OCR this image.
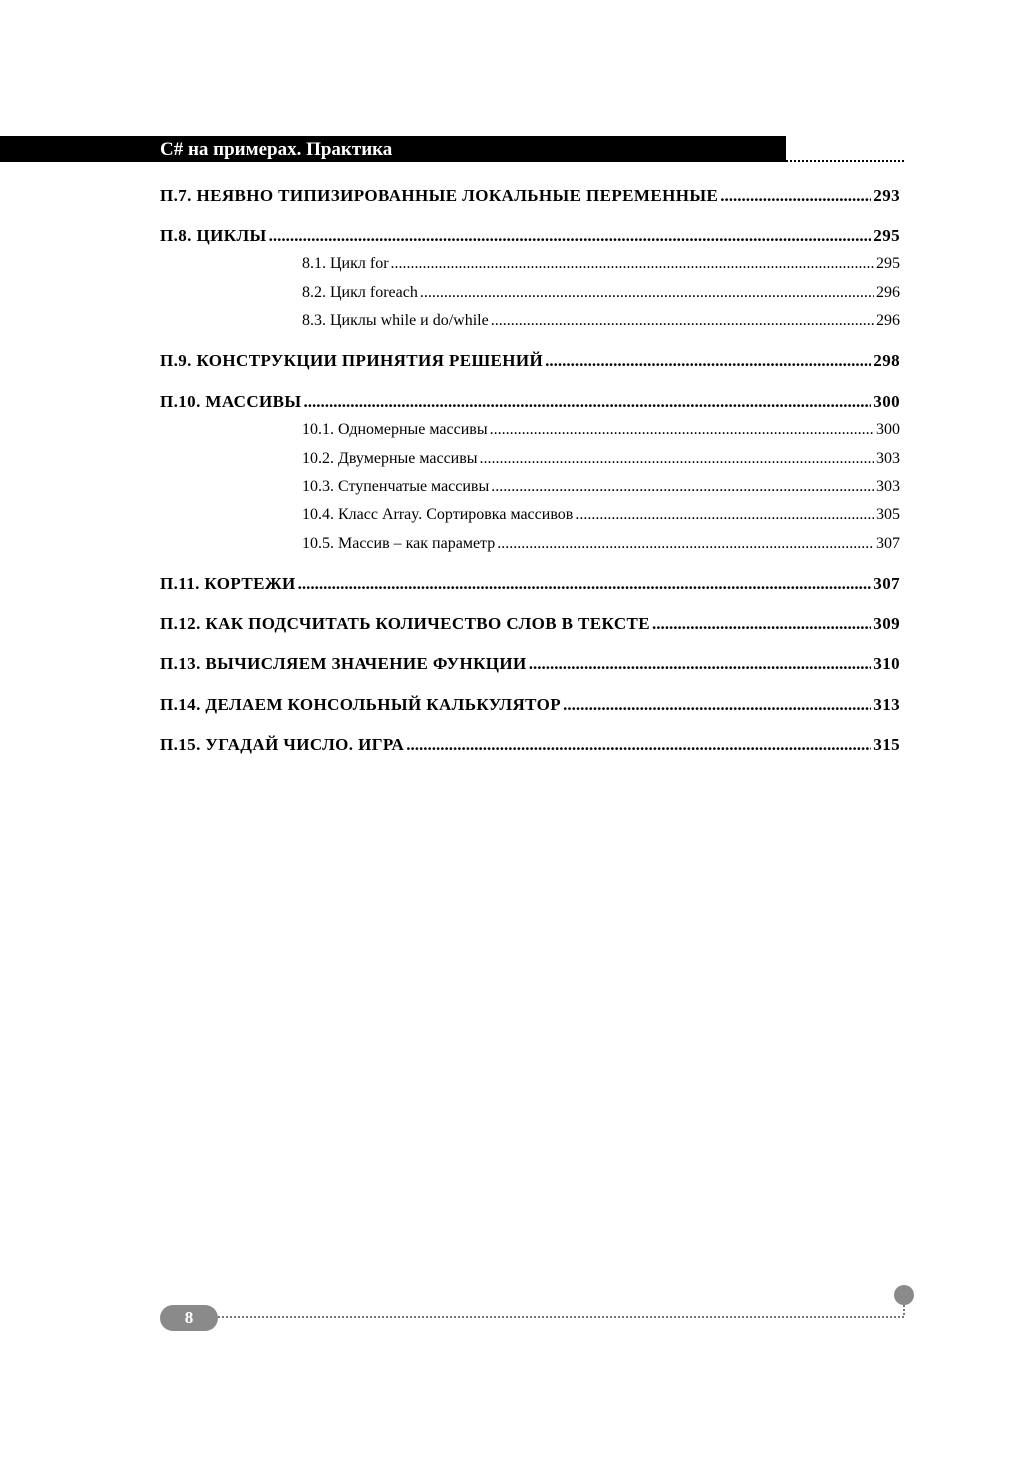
C# на примерах. Практика
П.7. НЕЯВНО ТИПИЗИРОВАННЫЕ ЛОКАЛЬНЫЕ ПЕРЕМЕННЫЕ .....	293
П.8. ЦИКЛЫ .....	295
8.1. Цикл for .....	295
8.2. Цикл foreach .....	296
8.3. Циклы while и do/while .....	296
П.9. КОНСТРУКЦИИ ПРИНЯТИЯ РЕШЕНИЙ .....	298
П.10. МАССИВЫ .....	300
10.1. Одномерные массивы .....	300
10.2. Двумерные массивы .....	303
10.3. Ступенчатые массивы .....	303
10.4. Класс Array. Сортировка массивов .....	305
10.5. Массив – как параметр .....	307
П.11. КОРТЕЖИ .....	307
П.12. КАК ПОДСЧИТАТЬ КОЛИЧЕСТВО СЛОВ В ТЕКСТЕ .....	309
П.13. ВЫЧИСЛЯЕМ ЗНАЧЕНИЕ ФУНКЦИИ .....	310
П.14. ДЕЛАЕМ КОНСОЛЬНЫЙ КАЛЬКУЛЯТОР .....	313
П.15. УГАДАЙ ЧИСЛО. ИГРА .....	315
8
